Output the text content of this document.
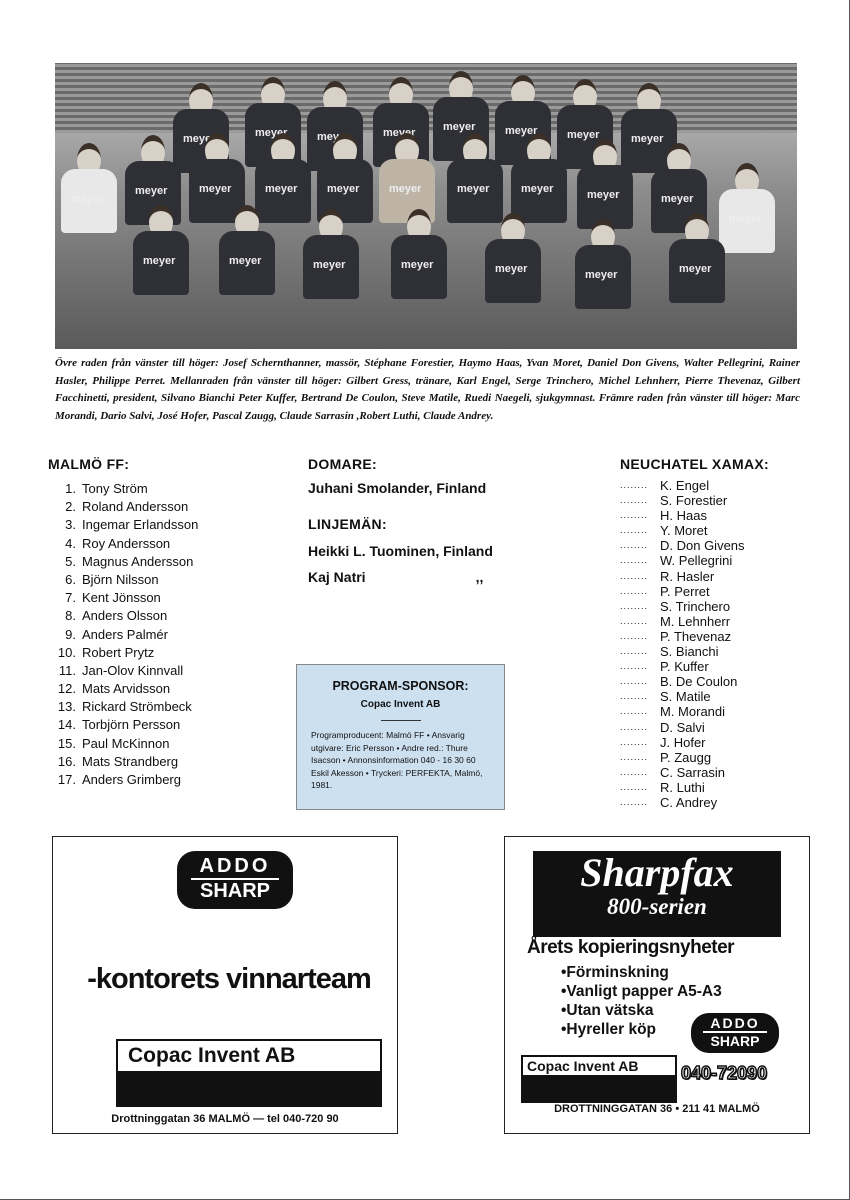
meyer
meyer
meyer
meyer
meyer
meyer
meyer
meyer
meyer
meyer
meyer
meyer
meyer
meyer
meyer
meyer
meyer
meyer
meyer
meyer
meyer
meyer
meyer
meyer
meyer
meyer
Övre raden från vänster till höger: Josef Schernthanner, massör, Stéphane Forestier, Haymo Haas, Yvan Moret, Daniel Don Givens, Walter Pellegrini, Rainer Hasler, Philippe Perret. Mellanraden från vänster till höger: Gilbert Gress, tränare, Karl Engel, Serge Trinchero, Michel Lehnherr, Pierre Thevenaz, Gilbert Facchinetti, president, Silvano Bianchi Peter Kuffer, Bertrand De Coulon, Steve Matile, Ruedi Naegeli, sjukgymnast. Främre raden från vänster till höger: Marc Morandi, Dario Salvi, José Hofer, Pascal Zaugg, Claude Sarrasin ,Robert Luthi, Claude Andrey.
MALMÖ FF:
1. Tony Ström
2. Roland Andersson
3. Ingemar Erlandsson
4. Roy Andersson
5. Magnus Andersson
6. Björn Nilsson
7. Kent Jönsson
8. Anders Olsson
9. Anders Palmér
10. Robert Prytz
11. Jan-Olov Kinnvall
12. Mats Arvidsson
13. Rickard Strömbeck
14. Torbjörn Persson
15. Paul McKinnon
16. Mats Strandberg
17. Anders Grimberg
DOMARE:
Juhani Smolander, Finland
LINJEMÄN:
Heikki L. Tuominen, Finland
Kaj Natri	,,
NEUCHATEL XAMAX:
........ K. Engel
........ S. Forestier
........ H. Haas
........ Y. Moret
........ D. Don Givens
........ W. Pellegrini
........ R. Hasler
........ P. Perret
........ S. Trinchero
........ M. Lehnherr
........ P. Thevenaz
........ S. Bianchi
........ P. Kuffer
........ B. De Coulon
........ S. Matile
........ M. Morandi
........ D. Salvi
........ J. Hofer
........ P. Zaugg
........ C. Sarrasin
........ R. Luthi
........ C. Andrey
PROGRAM-SPONSOR:
Copac Invent AB
Programproducent: Malmö FF • Ansvarig utgivare: Eric Persson • Andre red.: Thure Isacson • Annonsinformation 040 - 16 30 60 Eskil Akesson • Tryckeri: PERFEKTA, Malmö, 1981.
ADDO
SHARP
-kontorets vinnarteam
Copac Invent AB
Drottninggatan 36 MALMÖ — tel 040-720 90
Sharpfax
800-serien
Årets kopieringsnyheter
•Förminskning
•Vanligt papper A5-A3
•Utan vätska
•Hyreller köp	ADDO
SHARP
Copac Invent AB	040-72090
DROTTNINGGATAN 36 • 211 41 MALMÖ
